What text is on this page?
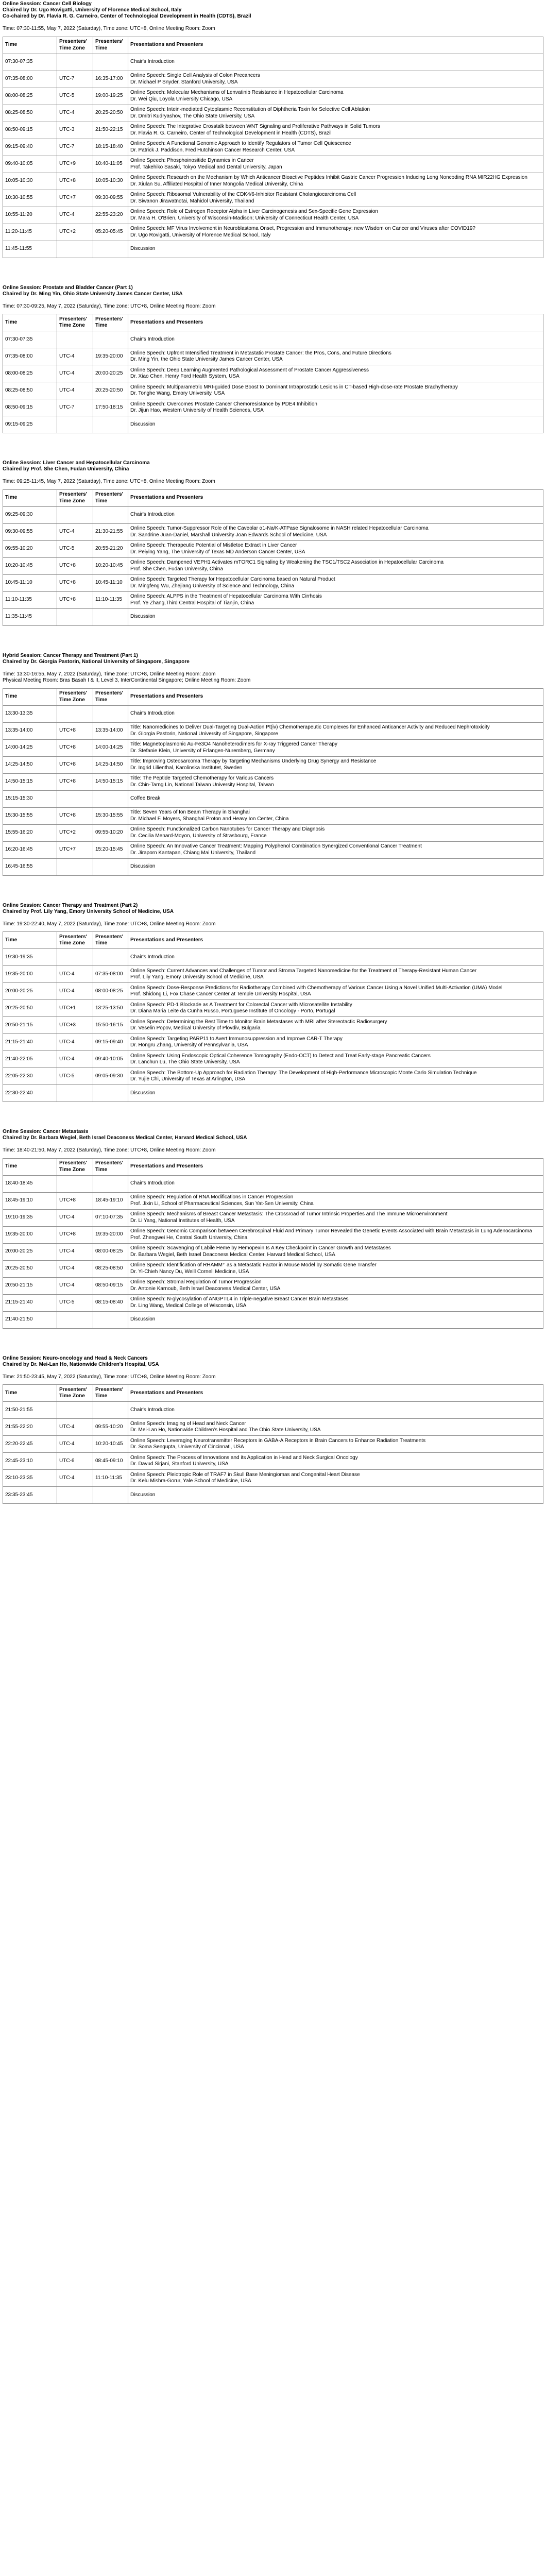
Online Session: Cancer Cell Biology
Chaired by Dr. Ugo Rovigatti, University of Florence Medical School, Italy
Co-chaired by Dr. Flavia R. G. Carneiro, Center of Technological Development in Health (CDTS), Brazil
Time: 07:30-11:55, May 7, 2022 (Saturday), Time zone: UTC+8, Online Meeting Room: Zoom
Time	Presenters' Time Zone	Presenters' Time	Presentations and Presenters
07:30-07:35			Chair's Introduction

07:35-08:00	UTC-7	16:35-17:00	Online Speech: Single Cell Analysis of Colon Precancers
Dr. Michael P Snyder, Stanford University, USA

08:00-08:25	UTC-5	19:00-19:25	Online Speech: Molecular Mechanisms of Lenvatinib Resistance in Hepatocellular Carcinoma
Dr. Wei Qiu, Loyola University Chicago, USA

08:25-08:50	UTC-4	20:25-20:50	Online Speech: Intein-mediated Cytoplasmic Reconstitution of Diphtheria Toxin for Selective Cell Ablation
Dr. Dmitri Kudryashov, The Ohio State University, USA

08:50-09:15	UTC-3	21:50-22:15	Online Speech: The Integrative Crosstalk between WNT Signaling and Proliferative Pathways in Solid Tumors
Dr. Flavia R. G. Carneiro, Center of Technological Development in Health (CDTS), Brazil

09:15-09:40	UTC-7	18:15-18:40	Online Speech: A Functional Genomic Approach to Identify Regulators of Tumor Cell Quiescence
Dr. Patrick J. Paddison, Fred Hutchinson Cancer Research Center, USA

09:40-10:05	UTC+9	10:40-11:05	Online Speech: Phosphoinositide Dynamics in Cancer
Prof. Takehiko Sasaki, Tokyo Medical and Dental University, Japan

10:05-10:30	UTC+8	10:05-10:30	Online Speech: Research on the Mechanism by Which Anticancer Bioactive Peptides Inhibit Gastric Cancer Progression Inducing Long Noncoding RNA MIR22HG Expression
Dr. Xiulan Su, Affiliated Hospital of Inner Mongolia Medical University, China

10:30-10:55	UTC+7	09:30-09:55	Online Speech: Ribosomal Vulnerability of the CDK4/6-Inhibitor Resistant Cholangiocarcinoma Cell
Dr. Siwanon Jirawatnotai, Mahidol University, Thailand

10:55-11:20	UTC-4	22:55-23:20	Online Speech: Role of Estrogen Receptor Alpha in Liver Carcinogenesis and Sex-Specific Gene Expression
Dr. Mara H. O'Brien, University of Wisconsin-Madison; University of Connecticut Health Center, USA

11:20-11:45	UTC+2	05:20-05:45	Online Speech: MF Virus Involvement in Neuroblastoma Onset, Progression and Immunotherapy: new Wisdom on Cancer and Viruses after COVID19?
Dr. Ugo Rovigatti, University of Florence Medical School, Italy

11:45-11:55			Discussion
Online Session: Prostate and Bladder Cancer (Part 1)
Chaired by Dr. Ming Yin, Ohio State University James Cancer Center, USA
Time: 07:30-09:25, May 7, 2022 (Saturday), Time zone: UTC+8, Online Meeting Room: Zoom
Time	Presenters' Time Zone	Presenters' Time	Presentations and Presenters
07:30-07:35			Chair's Introduction

07:35-08:00	UTC-4	19:35-20:00	Online Speech: Upfront Intensified Treatment in Metastatic Prostate Cancer: the Pros, Cons, and Future Directions
Dr. Ming Yin, the Ohio State University James Cancer Center, USA

08:00-08:25	UTC-4	20:00-20:25	Online Speech: Deep Learning Augmented Pathological Assessment of Prostate Cancer Aggressiveness
Dr. Xiao Chen, Henry Ford Health System, USA

08:25-08:50	UTC-4	20:25-20:50	Online Speech: Multiparametric MRI-guided Dose Boost to Dominant Intraprostatic Lesions in CT-based High-dose-rate Prostate Brachytherapy
Dr. Tonghe Wang, Emory University, USA

08:50-09:15	UTC-7	17:50-18:15	Online Speech: Overcomes Prostate Cancer Chemoresistance by PDE4 Inhibition
Dr. Jijun Hao, Western University of Health Sciences, USA

09:15-09:25			Discussion
Online Session: Liver Cancer and Hepatocellular Carcinoma
Chaired by Prof. She Chen, Fudan University, China
Time: 09:25-11:45, May 7, 2022 (Saturday), Time zone: UTC+8, Online Meeting Room: Zoom
Time	Presenters' Time Zone	Presenters' Time	Presentations and Presenters
09:25-09:30			Chair's Introduction

09:30-09:55	UTC-4	21:30-21:55	Online Speech: Tumor-Suppressor Role of the Caveolar α1-Na/K-ATPase Signalosome in NASH related Hepatocellular Carcinoma
Dr. Sandrine Juan-Daniel, Marshall University Joan Edwards School of Medicine, USA

09:55-10:20	UTC-5	20:55-21:20	Online Speech: Therapeutic Potential of Mistletoe Extract in Liver Cancer
Dr. Peiying Yang, The University of Texas MD Anderson Cancer Center, USA

10:20-10:45	UTC+8	10:20-10:45	Online Speech: Dampened VEPH1 Activates mTORC1 Signaling by Weakening the TSC1/TSC2 Association in Hepatocellular Carcinoma
Prof. She Chen, Fudan University, China

10:45-11:10	UTC+8	10:45-11:10	Online Speech: Targeted Therapy for Hepatocellular Carcinoma based on Natural Product
Dr. Mingfeng Wu, Zhejiang University of Science and Technology, China

11:10-11:35	UTC+8	11:10-11:35	Online Speech: ALPPS in the Treatment of Hepatocellular Carcinoma With Cirrhosis
Prof. Ye Zhang,Third Central Hospital of Tianjin, China

11:35-11:45			Discussion
Hybrid Session: Cancer Therapy and Treatment (Part 1)
Chaired by Dr. Giorgia Pastorin, National University of Singapore, Singapore
Time: 13:30-16:55, May 7, 2022 (Saturday), Time zone: UTC+8, Online Meeting Room: Zoom
Physical Meeting Room: Bras Basah I & II, Level 3, InterContinental Singapore; Online Meeting Room: Zoom
Time	Presenters' Time Zone	Presenters' Time	Presentations and Presenters
13:30-13:35			Chair's Introduction

13:35-14:00	UTC+8	13:35-14:00	Title: Nanomedicines to Deliver Dual-Targeting Dual-Action Pt(iv) Chemotherapeutic Complexes for Enhanced Anticancer Activity and Reduced Nephrotoxicity
Dr. Giorgia Pastorin, National University of Singapore, Singapore

14:00-14:25	UTC+8	14:00-14:25	Title: Magnetoplasmonic Au-Fe3O4 Nanoheterodimers for X-ray Triggered Cancer Therapy
Dr. Stefanie Klein, University of Erlangen-Nuremberg, Germany

14:25-14:50	UTC+8	14:25-14:50	Title: Improving Osteosarcoma Therapy by Targeting Mechanisms Underlying Drug Synergy and Resistance
Dr. Ingrid Lilienthal, Karolinska Institutet, Sweden

14:50-15:15	UTC+8	14:50-15:15	Title: The Peptide Targeted Chemotherapy for Various Cancers
Dr. Chin-Tarng Lin, National Taiwan University Hospital, Taiwan

15:15-15:30			Coffee Break

15:30-15:55	UTC+8	15:30-15:55	Title: Seven Years of Ion Beam Therapy in Shanghai
Dr. Michael F. Moyers, Shanghai Proton and Heavy Ion Center, China

15:55-16:20	UTC+2	09:55-10:20	Online Speech: Functionalized Carbon Nanotubes for Cancer Therapy and Diagnosis
Dr. Cecilia Menard-Moyon, University of Strasbourg, France

16:20-16:45	UTC+7	15:20-15:45	Online Speech: An Innovative Cancer Treatment: Mapping Polyphenol Combination Synergized Conventional Cancer Treatment
Dr. Jiraporn Kantapan, Chiang Mai University, Thailand

16:45-16:55			Discussion
Online Session: Cancer Therapy and Treatment (Part 2)
Chaired by Prof. Lily Yang, Emory University School of Medicine, USA
Time: 19:30-22:40, May 7, 2022 (Saturday), Time zone: UTC+8, Online Meeting Room: Zoom
Time	Presenters' Time Zone	Presenters' Time	Presentations and Presenters
19:30-19:35			Chair's Introduction

19:35-20:00	UTC-4	07:35-08:00	Online Speech: Current Advances and Challenges of Tumor and Stroma Targeted Nanomedicine for the Treatment of Therapy-Resistant Human Cancer
Prof. Lily Yang, Emory University School of Medicine, USA

20:00-20:25	UTC-4	08:00-08:25	Online Speech: Dose-Response Predictions for Radiotherapy Combined with Chemotherapy of Various Cancer Using a Novel Unified Multi-Activation (UMA) Model
Prof. Shidong Li, Fox Chase Cancer Center at Temple University Hospital, USA

20:25-20:50	UTC+1	13:25-13:50	Online Speech: PD-1 Blockade as A Treatment for Colorectal Cancer with Microsatellite Instability
Dr. Diana Maria Leite da Cunha Russo, Portuguese Institute of Oncology - Porto, Portugal

20:50-21:15	UTC+3	15:50-16:15	Online Speech: Determining the Best Time to Monitor Brain Metastases with MRI after Stereotactic Radiosurgery
Dr. Veselin Popov, Medical University of Plovdiv, Bulgaria

21:15-21:40	UTC-4	09:15-09:40	Online Speech: Targeting PARP11 to Avert Immunosuppression and Improve CAR-T Therapy
Dr. Hongru Zhang, University of Pennsylvania, USA

21:40-22:05	UTC-4	09:40-10:05	Online Speech: Using Endoscopic Optical Coherence Tomography (Endo-OCT) to Detect and Treat Early-stage Pancreatic Cancers
Dr. Lanchun Lu, The Ohio State University, USA

22:05-22:30	UTC-5	09:05-09:30	Online Speech: The Bottom-Up Approach for Radiation Therapy: The Development of High-Performance Microscopic Monte Carlo Simulation Technique
Dr. Yujie Chi, University of Texas at Arlington, USA

22:30-22:40			Discussion
Online Session: Cancer Metastasis
Chaired by Dr. Barbara Wegiel, Beth Israel Deaconess Medical Center, Harvard Medical School, USA
Time: 18:40-21:50, May 7, 2022 (Saturday), Time zone: UTC+8, Online Meeting Room: Zoom
Time	Presenters' Time Zone	Presenters' Time	Presentations and Presenters
18:40-18:45			Chair's Introduction

18:45-19:10	UTC+8	18:45-19:10	Online Speech: Regulation of RNA Modifications in Cancer Progression
Prof. Jixin Li, School of Pharmaceutical Sciences, Sun Yat-Sen University, China

19:10-19:35	UTC-4	07:10-07:35	Online Speech: Mechanisms of Breast Cancer Metastasis: The Crossroad of Tumor Intrinsic Properties and The Immune Microenvironment
Dr. Li Yang, National Institutes of Health, USA

19:35-20:00	UTC+8	19:35-20:00	Online Speech: Genomic Comparison between Cerebrospinal Fluid And Primary Tumor Revealed the Genetic Events Associated with Brain Metastasis in Lung Adenocarcinoma
Prof. Zhengwei He, Central South University, China

20:00-20:25	UTC-4	08:00-08:25	Online Speech: Scavenging of Labile Heme by Hemopexin Is A Key Checkpoint in Cancer Growth and Metastases
Dr. Barbara Wegiel, Beth Israel Deaconess Medical Center, Harvard Medical School, USA

20:25-20:50	UTC-4	08:25-08:50	Online Speech: Identification of RHAMM⁺ as a Metastatic Factor in Mouse Model by Somatic Gene Transfer
Dr. Yi-Chieh Nancy Du, Weill Cornell Medicine, USA

20:50-21:15	UTC-4	08:50-09:15	Online Speech: Stromal Regulation of Tumor Progression
Dr. Antonie Karnoub, Beth Israel Deaconess Medical Center, USA

21:15-21:40	UTC-5	08:15-08:40	Online Speech: N-glycosylation of ANGPTL4 in Triple-negative Breast Cancer Brain Metastases
Dr. Ling Wang, Medical College of Wisconsin, USA

21:40-21:50			Discussion
Online Session: Neuro-oncology and Head & Neck Cancers
Chaired by Dr. Mei-Lan Ho, Nationwide Children's Hospital, USA
Time: 21:50-23:45, May 7, 2022 (Saturday), Time zone: UTC+8, Online Meeting Room: Zoom
Time	Presenters' Time Zone	Presenters' Time	Presentations and Presenters
21:50-21:55			Chair's Introduction

21:55-22:20	UTC-4	09:55-10:20	Online Speech: Imaging of Head and Neck Cancer
Dr. Mei-Lan Ho, Nationwide Children's Hospital and The Ohio State University, USA

22:20-22:45	UTC-4	10:20-10:45	Online Speech: Leveraging Neurotransmitter Receptors in GABA-A Receptors in Brain Cancers to Enhance Radiation Treatments
Dr. Soma Sengupta, University of Cincinnati, USA

22:45-23:10	UTC-6	08:45-09:10	Online Speech: The Process of Innovations and its Application in Head and Neck Surgical Oncology
Dr. Davud Sirjani, Stanford University, USA

23:10-23:35	UTC-4	11:10-11:35	Online Speech: Pleiotropic Role of TRAF7 in Skull Base Meningiomas and Congenital Heart Disease
Dr. Kelu Mishra-Gorur, Yale School of Medicine, USA

23:35-23:45			Discussion
